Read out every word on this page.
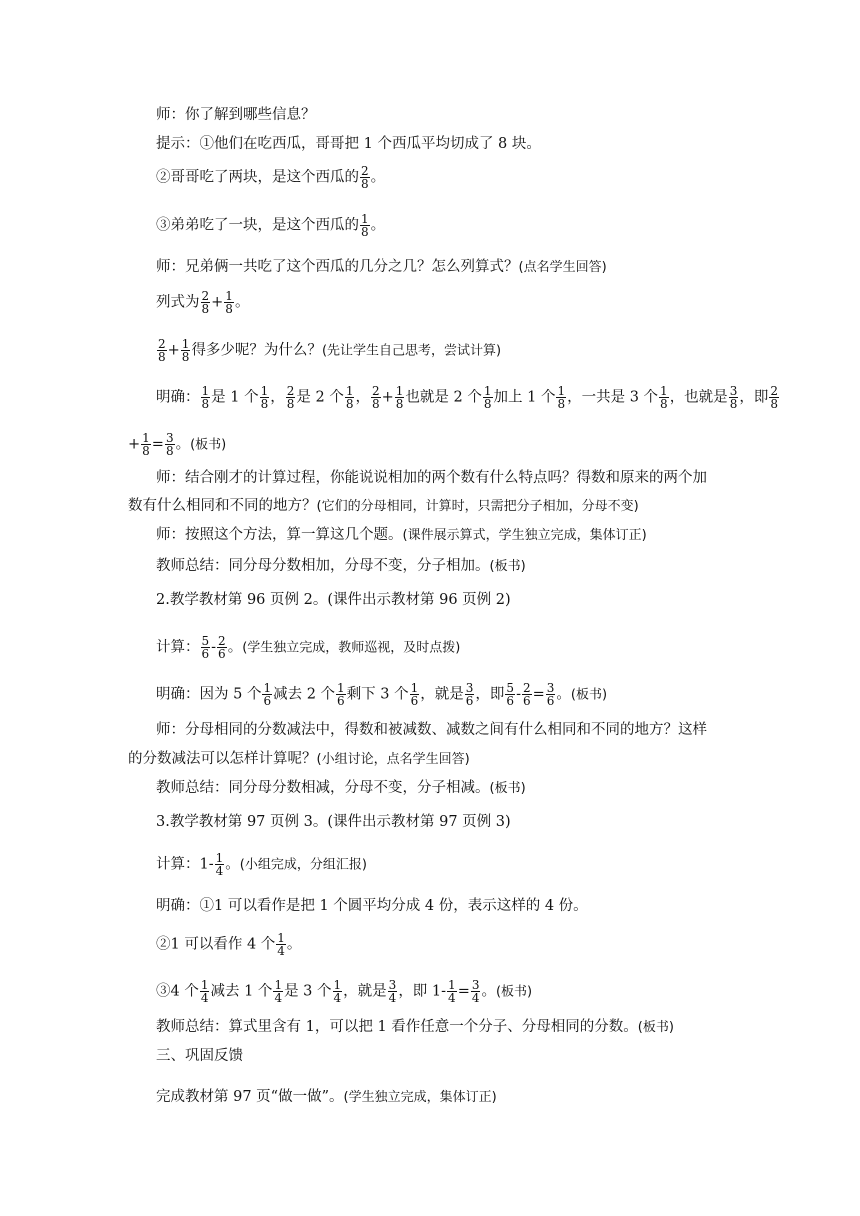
师：你了解到哪些信息？
提示：①他们在吃西瓜，哥哥把 1 个西瓜平均切成了 8 块。
②哥哥吃了两块，是这个西瓜的 $\frac{2}{8}$ 。
③弟弟吃了一块，是这个西瓜的 $\frac{1}{8}$ 。
师：兄弟俩一共吃了这个西瓜的几分之几？怎么列算式？(点名学生回答)
列式为 $\frac{2}{8} + \frac{1}{8}$ 。
$\frac{2}{8} + \frac{1}{8}$ 得多少呢？为什么？(先让学生自己思考，尝试计算)
明确： $\frac{1}{8}$ 是 1 个 $\frac{1}{8}$ ， $\frac{2}{8}$ 是 2 个 $\frac{1}{8}$ ， $\frac{2}{8} + \frac{1}{8}$ 也就是 2 个 $\frac{1}{8}$ 加上 1 个 $\frac{1}{8}$ ，一共是 3 个 $\frac{1}{8}$ ，也就是 $\frac{3}{8}$ ，即 $\frac{2}{8}$
+ $\frac{1}{8} = \frac{3}{8}$ 。(板书)
师：结合刚才的计算过程，你能说说相加的两个数有什么特点吗？得数和原来的两个加
数有什么相同和不同的地方？(它们的分母相同，计算时，只需把分子相加，分母不变)
师：按照这个方法，算一算这几个题。(课件展示算式，学生独立完成，集体订正)
教师总结：同分母分数相加，分母不变，分子相加。(板书)
2.教学教材第 96 页例 2。(课件出示教材第 96 页例 2)
计算： $\frac{5}{6} - \frac{2}{6}$ 。(学生独立完成，教师巡视，及时点拨)
明确：因为 5 个 $\frac{1}{6}$ 减去 2 个 $\frac{1}{6}$ 剩下 3 个 $\frac{1}{6}$ ，就是 $\frac{3}{6}$ ，即 $\frac{5}{6} - \frac{2}{6} = \frac{3}{6}$ 。(板书)
师：分母相同的分数减法中，得数和被减数、减数之间有什么相同和不同的地方？这样
的分数减法可以怎样计算呢？(小组讨论，点名学生回答)
教师总结：同分母分数相减，分母不变，分子相减。(板书)
3.教学教材第 97 页例 3。(课件出示教材第 97 页例 3)
计算：$1- \frac{1}{4}$ 。(小组完成，分组汇报)
明确：①1 可以看作是把 1 个圆平均分成 4 份，表示这样的 4 份。
②1 可以看作 4 个 $\frac{1}{4}$ 。
③4 个 $\frac{1}{4}$ 减去 1 个 $\frac{1}{4}$ 是 3 个 $\frac{1}{4}$ ，就是 $\frac{3}{4}$ ，即 $1- \frac{1}{4} = \frac{3}{4}$ 。(板书)
教师总结：算式里含有 1，可以把 1 看作任意一个分子、分母相同的分数。(板书)
三、巩固反馈
完成教材第 97 页“做一做”。(学生独立完成，集体订正)
